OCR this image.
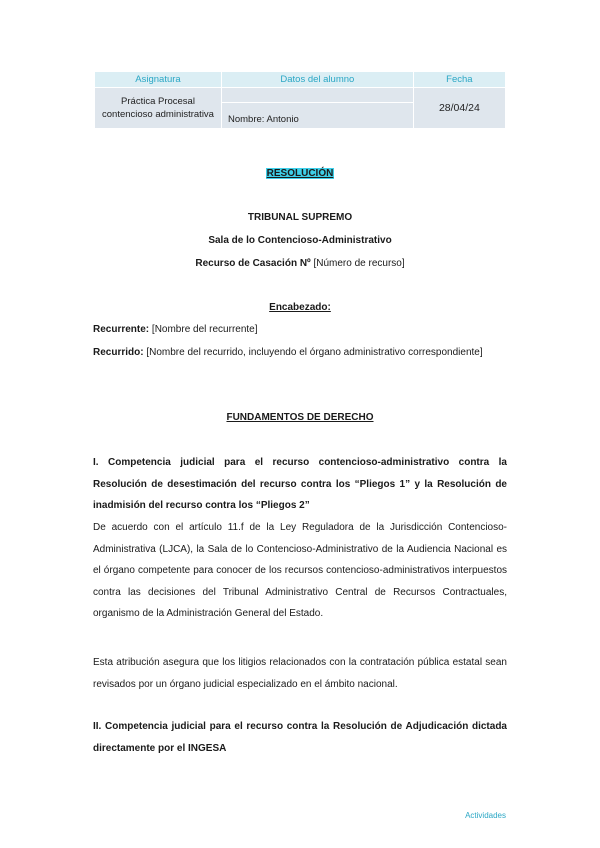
Asignatura	Datos del alumno	Fecha
Práctica Procesal contencioso administrativa		28/04/24
	Nombre: Antonio	
RESOLUCIÓN
TRIBUNAL SUPREMO
Sala de lo Contencioso-Administrativo
Recurso de Casación Nº [Número de recurso]
Encabezado:
Recurrente: [Nombre del recurrente]
Recurrido: [Nombre del recurrido, incluyendo el órgano administrativo correspondiente]
FUNDAMENTOS DE DERECHO
I. Competencia judicial para el recurso contencioso-administrativo contra la Resolución de desestimación del recurso contra los “Pliegos 1” y la Resolución de inadmisión del recurso contra los “Pliegos 2”
De acuerdo con el artículo 11.f de la Ley Reguladora de la Jurisdicción Contencioso-Administrativa (LJCA), la Sala de lo Contencioso-Administrativo de la Audiencia Nacional es el órgano competente para conocer de los recursos contencioso-administrativos interpuestos contra las decisiones del Tribunal Administrativo Central de Recursos Contractuales, organismo de la Administración General del Estado.
Esta atribución asegura que los litigios relacionados con la contratación pública estatal sean revisados por un órgano judicial especializado en el ámbito nacional.
II. Competencia judicial para el recurso contra la Resolución de Adjudicación dictada directamente por el INGESA
Actividades
